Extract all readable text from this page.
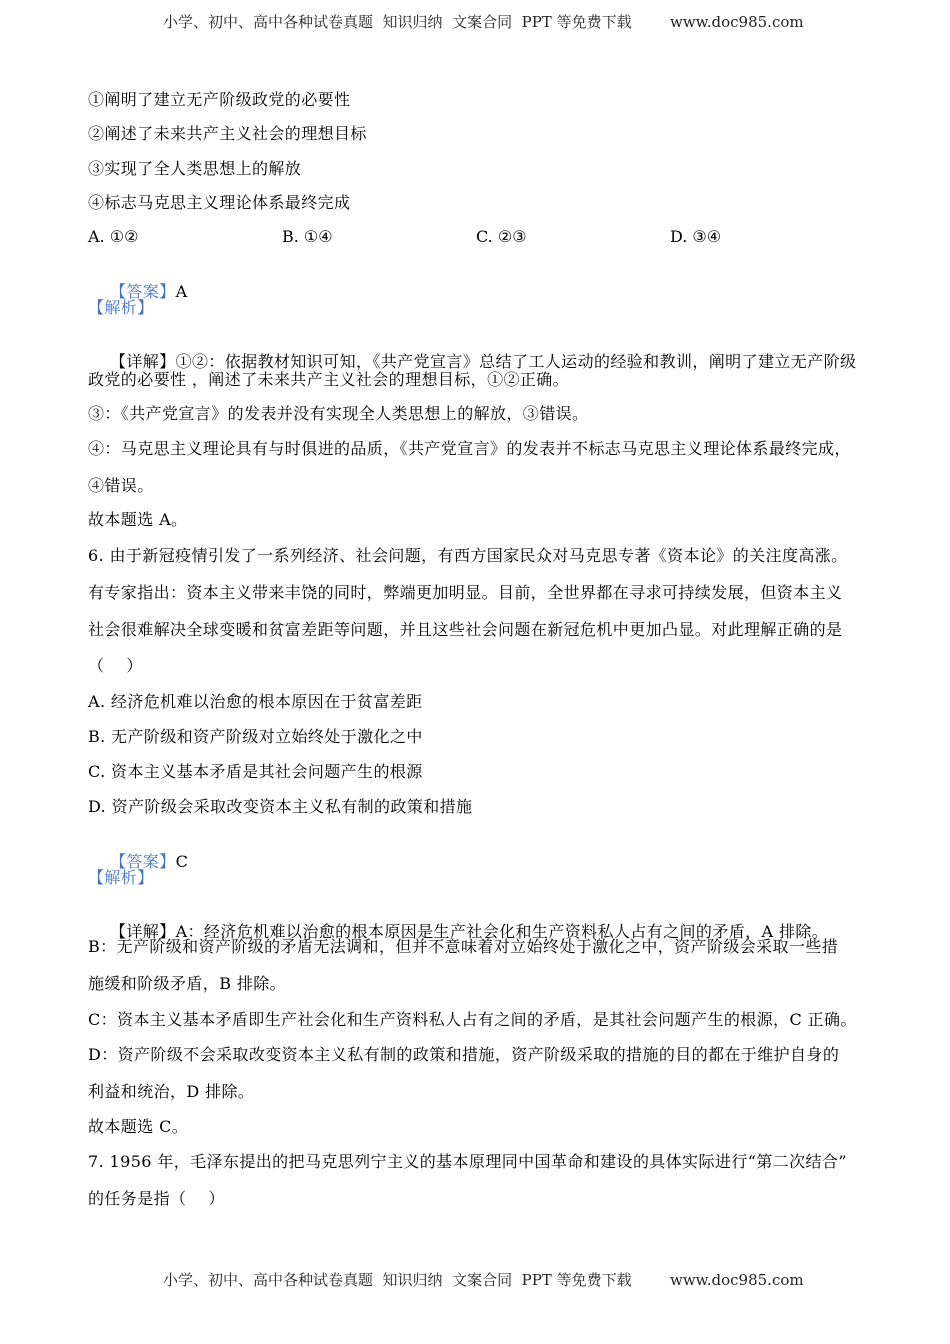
小学、初中、高中各种试卷真题  知识归纳  文案合同  PPT 等免费下载	www.doc985.com
①阐明了建立无产阶级政党的必要性
②阐述了未来共产主义社会的理想目标
③实现了全人类思想上的解放
④标志马克思主义理论体系最终完成
A. ①②	B. ①④	C. ②③	D. ③④

【答案】A

【解析】

【详解】①②：依据教材知识可知，《共产党宣言》总结了工人运动的经验和教训，阐明了建立无产阶级

政党的必要性 ，阐述了未来共产主义社会的理想目标，①②正确。
③：《共产党宣言》的发表并没有实现全人类思想上的解放，③错误。
④：马克思主义理论具有与时俱进的品质，《共产党宣言》的发表并不标志马克思主义理论体系最终完成，
④错误。
故本题选 A。
6. 由于新冠疫情引发了一系列经济、社会问题，有西方国家民众对马克思专著《资本论》的关注度高涨。
有专家指出：资本主义带来丰饶的同时，弊端更加明显。目前，全世界都在寻求可持续发展，但资本主义
社会很难解决全球变暖和贫富差距等问题，并且这些社会问题在新冠危机中更加凸显。对此理解正确的是
（    ）
A. 经济危机难以治愈的根本原因在于贫富差距
B. 无产阶级和资产阶级对立始终处于激化之中
C. 资本主义基本矛盾是其社会问题产生的根源
D. 资产阶级会采取改变资本主义私有制的政策和措施

【答案】C

【解析】

【详解】A：经济危机难以治愈的根本原因是生产社会化和生产资料私人占有之间的矛盾，A 排除。

B：无产阶级和资产阶级的矛盾无法调和，但并不意味着对立始终处于激化之中，资产阶级会采取一些措
施缓和阶级矛盾，B 排除。
C：资本主义基本矛盾即生产社会化和生产资料私人占有之间的矛盾，是其社会问题产生的根源，C 正确。
D：资产阶级不会采取改变资本主义私有制的政策和措施，资产阶级采取的措施的目的都在于维护自身的
利益和统治，D 排除。
故本题选 C。
7. 1956 年，毛泽东提出的把马克思列宁主义的基本原理同中国革命和建设的具体实际进行“第二次结合”
的任务是指（    ）
小学、初中、高中各种试卷真题  知识归纳  文案合同  PPT 等免费下载	www.doc985.com
